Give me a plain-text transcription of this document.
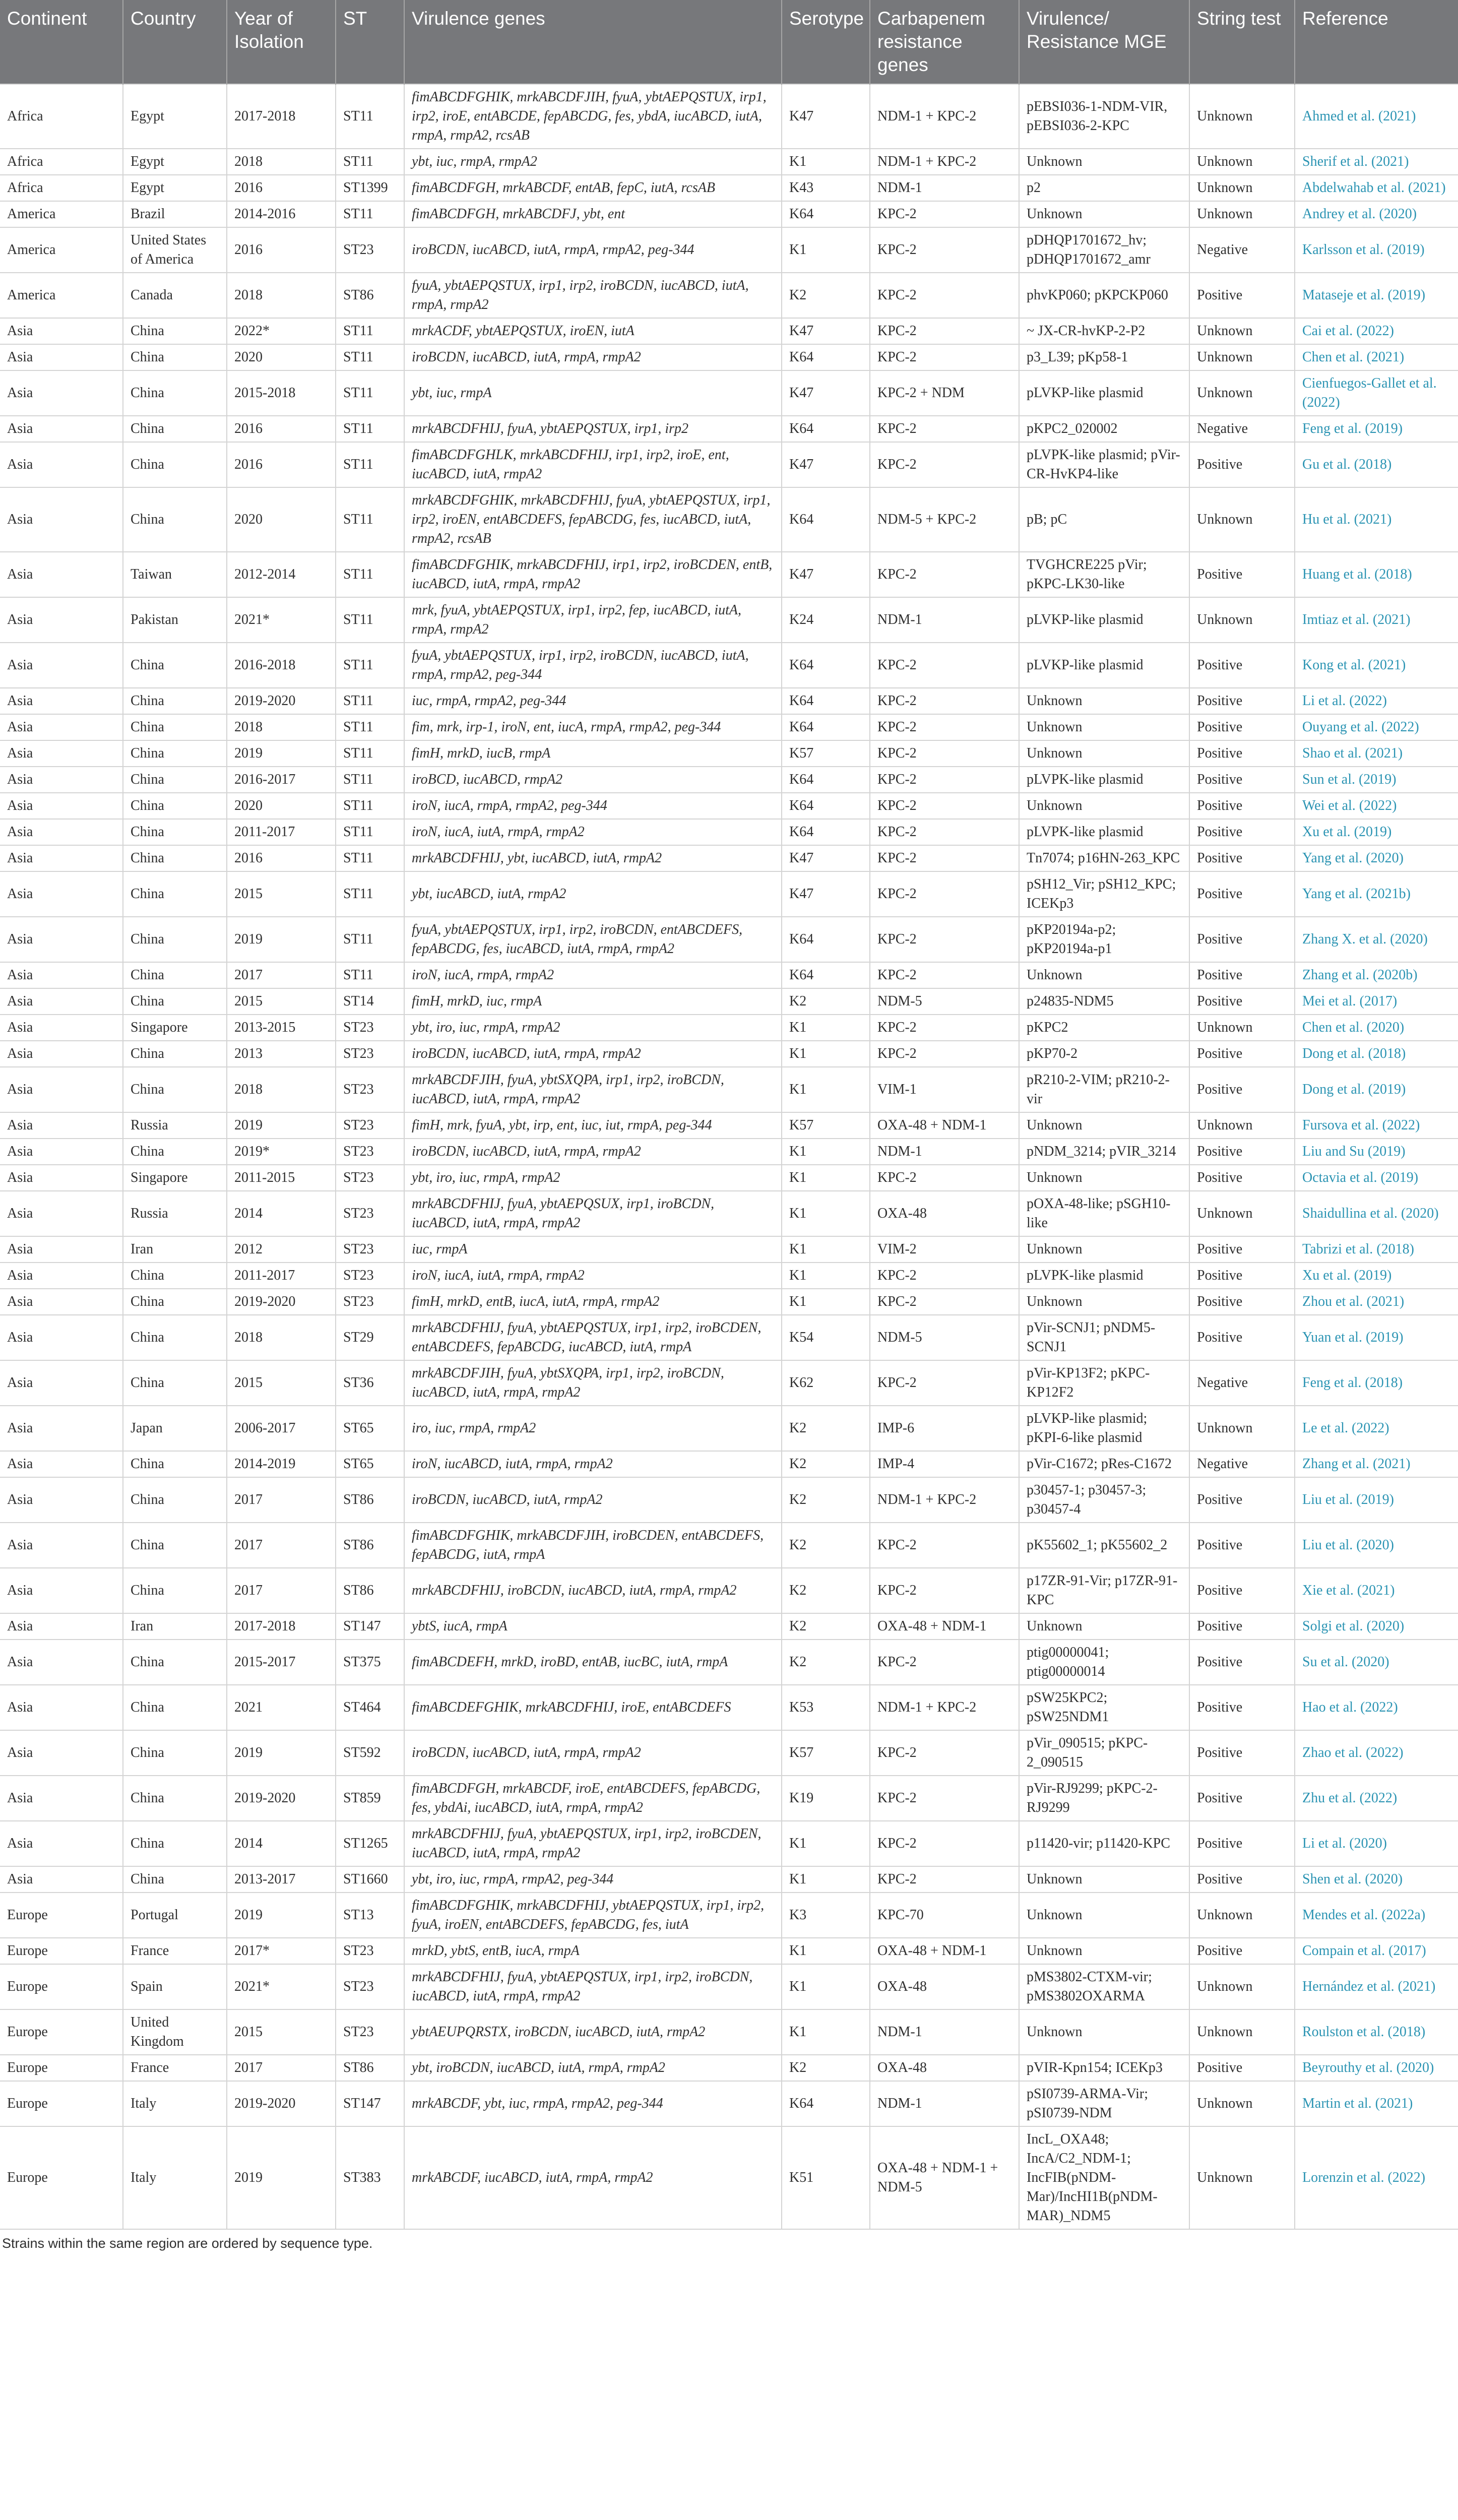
Continent	Country	Year of Isolation	ST	Virulence genes	Serotype	Carbapenem resistance genes	Virulence/ Resistance MGE	String test	Reference
Africa	Egypt	2017-2018	ST11	fimABCDFGHIK, mrkABCDFJIH, fyuA, ybtAEPQSTUX, irp1, irp2, iroE, entABCDE, fepABCDG, fes, ybdA, iucABCD, iutA, rmpA, rmpA2, rcsAB	K47	NDM-1 + KPC-2	pEBSI036-1-NDM-VIR, pEBSI036-2-KPC	Unknown	Ahmed et al. (2021)
Africa	Egypt	2018	ST11	ybt, iuc, rmpA, rmpA2	K1	NDM-1 + KPC-2	Unknown	Unknown	Sherif et al. (2021)
Africa	Egypt	2016	ST1399	fimABCDFGH, mrkABCDF, entAB, fepC, iutA, rcsAB	K43	NDM-1	p2	Unknown	Abdelwahab et al. (2021)
America	Brazil	2014-2016	ST11	fimABCDFGH, mrkABCDFJ, ybt, ent	K64	KPC-2	Unknown	Unknown	Andrey et al. (2020)
America	United States of America	2016	ST23	iroBCDN, iucABCD, iutA, rmpA, rmpA2, peg-344	K1	KPC-2	pDHQP1701672_hv; pDHQP1701672_amr	Negative	Karlsson et al. (2019)
America	Canada	2018	ST86	fyuA, ybtAEPQSTUX, irp1, irp2, iroBCDN, iucABCD, iutA, rmpA, rmpA2	K2	KPC-2	phvKP060; pKPCKP060	Positive	Mataseje et al. (2019)
Asia	China	2022*	ST11	mrkACDF, ybtAEPQSTUX, iroEN, iutA	K47	KPC-2	~ JX-CR-hvKP-2-P2	Unknown	Cai et al. (2022)
Asia	China	2020	ST11	iroBCDN, iucABCD, iutA, rmpA, rmpA2	K64	KPC-2	p3_L39; pKp58-1	Unknown	Chen et al. (2021)
Asia	China	2015-2018	ST11	ybt, iuc, rmpA	K47	KPC-2 + NDM	pLVKP-like plasmid	Unknown	Cienfuegos-Gallet et al. (2022)
Asia	China	2016	ST11	mrkABCDFHIJ, fyuA, ybtAEPQSTUX, irp1, irp2	K64	KPC-2	pKPC2_020002	Negative	Feng et al. (2019)
Asia	China	2016	ST11	fimABCDFGHLK, mrkABCDFHIJ, irp1, irp2, iroE, ent, iucABCD, iutA, rmpA2	K47	KPC-2	pLVPK-like plasmid; pVir-CR-HvKP4-like	Positive	Gu et al. (2018)
Asia	China	2020	ST11	mrkABCDFGHIK, mrkABCDFHIJ, fyuA, ybtAEPQSTUX, irp1, irp2, iroEN, entABCDEFS, fepABCDG, fes, iucABCD, iutA, rmpA2, rcsAB	K64	NDM-5 + KPC-2	pB; pC	Unknown	Hu et al. (2021)
Asia	Taiwan	2012-2014	ST11	fimABCDFGHIK, mrkABCDFHIJ, irp1, irp2, iroBCDEN, entB, iucABCD, iutA, rmpA, rmpA2	K47	KPC-2	TVGHCRE225 pVir; pKPC-LK30-like	Positive	Huang et al. (2018)
Asia	Pakistan	2021*	ST11	mrk, fyuA, ybtAEPQSTUX, irp1, irp2, fep, iucABCD, iutA, rmpA, rmpA2	K24	NDM-1	pLVKP-like plasmid	Unknown	Imtiaz et al. (2021)
Asia	China	2016-2018	ST11	fyuA, ybtAEPQSTUX, irp1, irp2, iroBCDN, iucABCD, iutA, rmpA, rmpA2, peg-344	K64	KPC-2	pLVKP-like plasmid	Positive	Kong et al. (2021)
Asia	China	2019-2020	ST11	iuc, rmpA, rmpA2, peg-344	K64	KPC-2	Unknown	Positive	Li et al. (2022)
Asia	China	2018	ST11	fim, mrk, irp-1, iroN, ent, iucA, rmpA, rmpA2, peg-344	K64	KPC-2	Unknown	Positive	Ouyang et al. (2022)
Asia	China	2019	ST11	fimH, mrkD, iucB, rmpA	K57	KPC-2	Unknown	Positive	Shao et al. (2021)
Asia	China	2016-2017	ST11	iroBCD, iucABCD, rmpA2	K64	KPC-2	pLVPK-like plasmid	Positive	Sun et al. (2019)
Asia	China	2020	ST11	iroN, iucA, rmpA, rmpA2, peg-344	K64	KPC-2	Unknown	Positive	Wei et al. (2022)
Asia	China	2011-2017	ST11	iroN, iucA, iutA, rmpA, rmpA2	K64	KPC-2	pLVPK-like plasmid	Positive	Xu et al. (2019)
Asia	China	2016	ST11	mrkABCDFHIJ, ybt, iucABCD, iutA, rmpA2	K47	KPC-2	Tn7074; p16HN-263_KPC	Positive	Yang et al. (2020)
Asia	China	2015	ST11	ybt, iucABCD, iutA, rmpA2	K47	KPC-2	pSH12_Vir; pSH12_KPC; ICEKp3	Positive	Yang et al. (2021b)
Asia	China	2019	ST11	fyuA, ybtAEPQSTUX, irp1, irp2, iroBCDN, entABCDEFS, fepABCDG, fes, iucABCD, iutA, rmpA, rmpA2	K64	KPC-2	pKP20194a-p2; pKP20194a-p1	Positive	Zhang X. et al. (2020)
Asia	China	2017	ST11	iroN, iucA, rmpA, rmpA2	K64	KPC-2	Unknown	Positive	Zhang et al. (2020b)
Asia	China	2015	ST14	fimH, mrkD, iuc, rmpA	K2	NDM-5	p24835-NDM5	Positive	Mei et al. (2017)
Asia	Singapore	2013-2015	ST23	ybt, iro, iuc, rmpA, rmpA2	K1	KPC-2	pKPC2	Unknown	Chen et al. (2020)
Asia	China	2013	ST23	iroBCDN, iucABCD, iutA, rmpA, rmpA2	K1	KPC-2	pKP70-2	Positive	Dong et al. (2018)
Asia	China	2018	ST23	mrkABCDFJIH, fyuA, ybtSXQPA, irp1, irp2, iroBCDN, iucABCD, iutA, rmpA, rmpA2	K1	VIM-1	pR210-2-VIM; pR210-2-vir	Positive	Dong et al. (2019)
Asia	Russia	2019	ST23	fimH, mrk, fyuA, ybt, irp, ent, iuc, iut, rmpA, peg-344	K57	OXA-48 + NDM-1	Unknown	Unknown	Fursova et al. (2022)
Asia	China	2019*	ST23	iroBCDN, iucABCD, iutA, rmpA, rmpA2	K1	NDM-1	pNDM_3214; pVIR_3214	Positive	Liu and Su (2019)
Asia	Singapore	2011-2015	ST23	ybt, iro, iuc, rmpA, rmpA2	K1	KPC-2	Unknown	Positive	Octavia et al. (2019)
Asia	Russia	2014	ST23	mrkABCDFHIJ, fyuA, ybtAEPQSUX, irp1, iroBCDN, iucABCD, iutA, rmpA, rmpA2	K1	OXA-48	pOXA-48-like; pSGH10-like	Unknown	Shaidullina et al. (2020)
Asia	Iran	2012	ST23	iuc, rmpA	K1	VIM-2	Unknown	Positive	Tabrizi et al. (2018)
Asia	China	2011-2017	ST23	iroN, iucA, iutA, rmpA, rmpA2	K1	KPC-2	pLVPK-like plasmid	Positive	Xu et al. (2019)
Asia	China	2019-2020	ST23	fimH, mrkD, entB, iucA, iutA, rmpA, rmpA2	K1	KPC-2	Unknown	Positive	Zhou et al. (2021)
Asia	China	2018	ST29	mrkABCDFHIJ, fyuA, ybtAEPQSTUX, irp1, irp2, iroBCDEN, entABCDEFS, fepABCDG, iucABCD, iutA, rmpA	K54	NDM-5	pVir-SCNJ1; pNDM5-SCNJ1	Positive	Yuan et al. (2019)
Asia	China	2015	ST36	mrkABCDFJIH, fyuA, ybtSXQPA, irp1, irp2, iroBCDN, iucABCD, iutA, rmpA, rmpA2	K62	KPC-2	pVir-KP13F2; pKPC-KP12F2	Negative	Feng et al. (2018)
Asia	Japan	2006-2017	ST65	iro, iuc, rmpA, rmpA2	K2	IMP-6	pLVKP-like plasmid; pKPI-6-like plasmid	Unknown	Le et al. (2022)
Asia	China	2014-2019	ST65	iroN, iucABCD, iutA, rmpA, rmpA2	K2	IMP-4	pVir-C1672; pRes-C1672	Negative	Zhang et al. (2021)
Asia	China	2017	ST86	iroBCDN, iucABCD, iutA, rmpA2	K2	NDM-1 + KPC-2	p30457-1; p30457-3; p30457-4	Positive	Liu et al. (2019)
Asia	China	2017	ST86	fimABCDFGHIK, mrkABCDFJIH, iroBCDEN, entABCDEFS, fepABCDG, iutA, rmpA	K2	KPC-2	pK55602_1; pK55602_2	Positive	Liu et al. (2020)
Asia	China	2017	ST86	mrkABCDFHIJ, iroBCDN, iucABCD, iutA, rmpA, rmpA2	K2	KPC-2	p17ZR-91-Vir; p17ZR-91-KPC	Positive	Xie et al. (2021)
Asia	Iran	2017-2018	ST147	ybtS, iucA, rmpA	K2	OXA-48 + NDM-1	Unknown	Positive	Solgi et al. (2020)
Asia	China	2015-2017	ST375	fimABCDEFH, mrkD, iroBD, entAB, iucBC, iutA, rmpA	K2	KPC-2	ptig00000041; ptig00000014	Positive	Su et al. (2020)
Asia	China	2021	ST464	fimABCDEFGHIK, mrkABCDFHIJ, iroE, entABCDEFS	K53	NDM-1 + KPC-2	pSW25KPC2; pSW25NDM1	Positive	Hao et al. (2022)
Asia	China	2019	ST592	iroBCDN, iucABCD, iutA, rmpA, rmpA2	K57	KPC-2	pVir_090515; pKPC-2_090515	Positive	Zhao et al. (2022)
Asia	China	2019-2020	ST859	fimABCDFGH, mrkABCDF, iroE, entABCDEFS, fepABCDG, fes, ybdAi, iucABCD, iutA, rmpA, rmpA2	K19	KPC-2	pVir-RJ9299; pKPC-2-RJ9299	Positive	Zhu et al. (2022)
Asia	China	2014	ST1265	mrkABCDFHIJ, fyuA, ybtAEPQSTUX, irp1, irp2, iroBCDEN, iucABCD, iutA, rmpA, rmpA2	K1	KPC-2	p11420-vir; p11420-KPC	Positive	Li et al. (2020)
Asia	China	2013-2017	ST1660	ybt, iro, iuc, rmpA, rmpA2, peg-344	K1	KPC-2	Unknown	Positive	Shen et al. (2020)
Europe	Portugal	2019	ST13	fimABCDFGHIK, mrkABCDFHIJ, ybtAEPQSTUX, irp1, irp2, fyuA, iroEN, entABCDEFS, fepABCDG, fes, iutA	K3	KPC-70	Unknown	Unknown	Mendes et al. (2022a)
Europe	France	2017*	ST23	mrkD, ybtS, entB, iucA, rmpA	K1	OXA-48 + NDM-1	Unknown	Positive	Compain et al. (2017)
Europe	Spain	2021*	ST23	mrkABCDFHIJ, fyuA, ybtAEPQSTUX, irp1, irp2, iroBCDN, iucABCD, iutA, rmpA, rmpA2	K1	OXA-48	pMS3802-CTXM-vir; pMS3802OXARMA	Unknown	Hernández et al. (2021)
Europe	United Kingdom	2015	ST23	ybtAEUPQRSTX, iroBCDN, iucABCD, iutA, rmpA2	K1	NDM-1	Unknown	Unknown	Roulston et al. (2018)
Europe	France	2017	ST86	ybt, iroBCDN, iucABCD, iutA, rmpA, rmpA2	K2	OXA-48	pVIR-Kpn154; ICEKp3	Positive	Beyrouthy et al. (2020)
Europe	Italy	2019-2020	ST147	mrkABCDF, ybt, iuc, rmpA, rmpA2, peg-344	K64	NDM-1	pSI0739-ARMA-Vir; pSI0739-NDM	Unknown	Martin et al. (2021)
Europe	Italy	2019	ST383	mrkABCDF, iucABCD, iutA, rmpA, rmpA2	K51	OXA-48 + NDM-1 + NDM-5	IncL_OXA48; IncA/C2_NDM-1; IncFIB(pNDM-Mar)/IncHI1B(pNDM-MAR)_NDM5	Unknown	Lorenzin et al. (2022)
Strains within the same region are ordered by sequence type.
